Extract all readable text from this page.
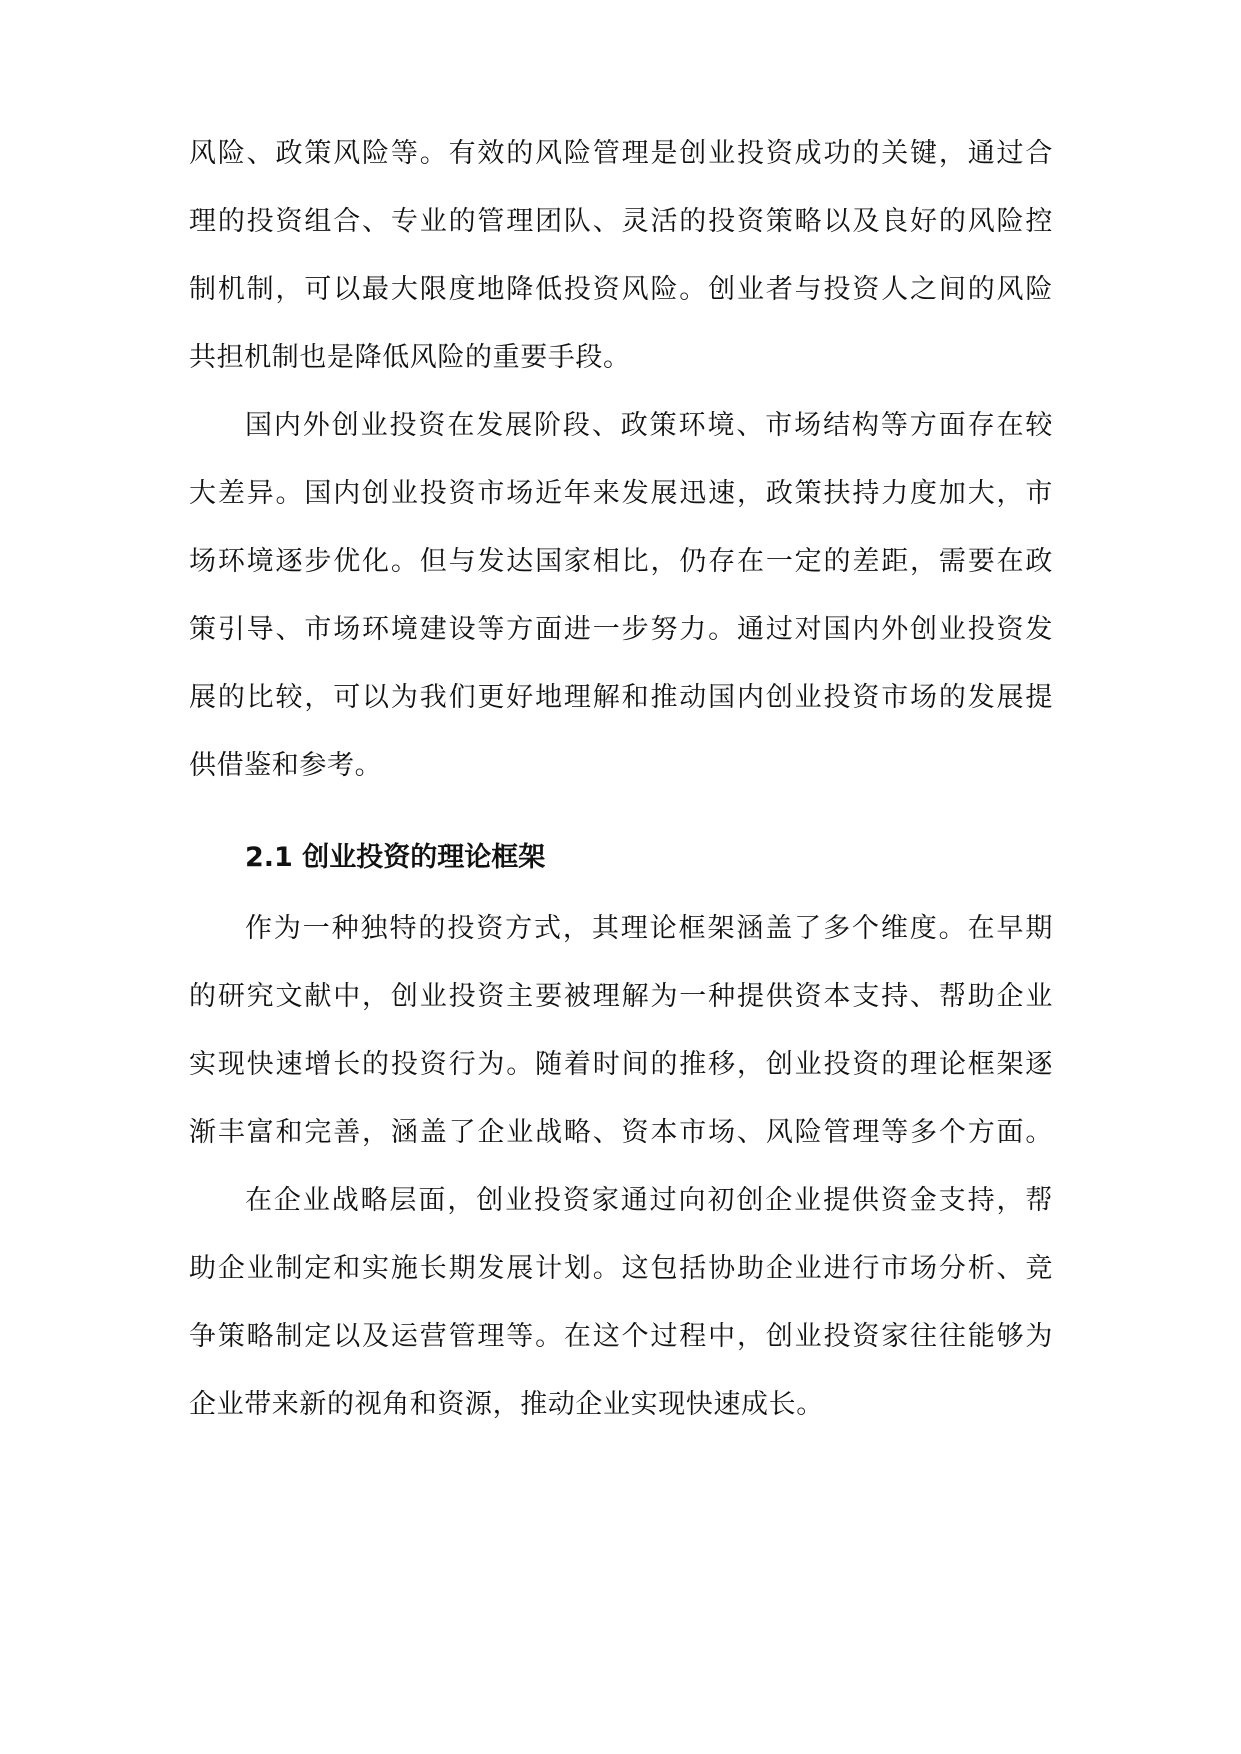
风险、政策风险等。有效的风险管理是创业投资成功的关键，通过合
理的投资组合、专业的管理团队、灵活的投资策略以及良好的风险控
制机制，可以最大限度地降低投资风险。创业者与投资人之间的风险
共担机制也是降低风险的重要手段。
国内外创业投资在发展阶段、政策环境、市场结构等方面存在较
大差异。国内创业投资市场近年来发展迅速，政策扶持力度加大，市
场环境逐步优化。但与发达国家相比，仍存在一定的差距，需要在政
策引导、市场环境建设等方面进一步努力。通过对国内外创业投资发
展的比较，可以为我们更好地理解和推动国内创业投资市场的发展提
供借鉴和参考。
2.1 创业投资的理论框架
作为一种独特的投资方式，其理论框架涵盖了多个维度。在早期
的研究文献中，创业投资主要被理解为一种提供资本支持、帮助企业
实现快速增长的投资行为。随着时间的推移，创业投资的理论框架逐
渐丰富和完善，涵盖了企业战略、资本市场、风险管理等多个方面。
在企业战略层面，创业投资家通过向初创企业提供资金支持，帮
助企业制定和实施长期发展计划。这包括协助企业进行市场分析、竞
争策略制定以及运营管理等。在这个过程中，创业投资家往往能够为
企业带来新的视角和资源，推动企业实现快速成长。
